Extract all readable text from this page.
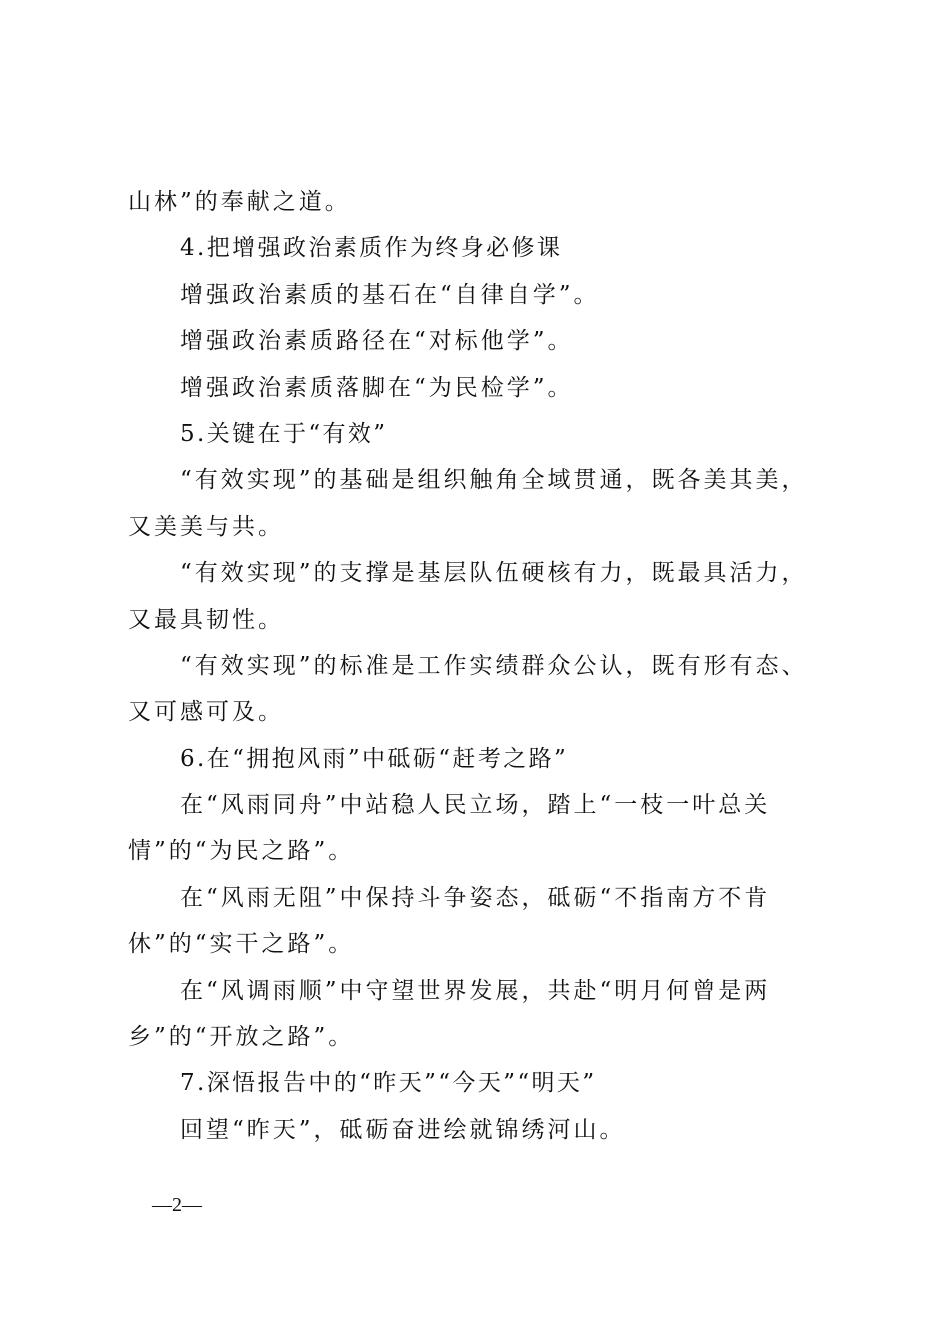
山林”的奉献之道。
4.把增强政治素质作为终身必修课
增强政治素质的基石在“自律自学”。
增强政治素质路径在“对标他学”。
增强政治素质落脚在“为民检学”。
5.关键在于“有效”
“有效实现”的基础是组织触角全域贯通，既各美其美，
又美美与共。
“有效实现”的支撑是基层队伍硬核有力，既最具活力，
又最具韧性。
“有效实现”的标准是工作实绩群众公认，既有形有态、
又可感可及。
6.在“拥抱风雨”中砥砺“赶考之路”
在“风雨同舟”中站稳人民立场，踏上“一枝一叶总关
情”的“为民之路”。
在“风雨无阻”中保持斗争姿态，砥砺“不指南方不肯
休”的“实干之路”。
在“风调雨顺”中守望世界发展，共赴“明月何曾是两
乡”的“开放之路”。
7.深悟报告中的“昨天”“今天”“明天”
回望“昨天”，砥砺奋进绘就锦绣河山。
—2—
